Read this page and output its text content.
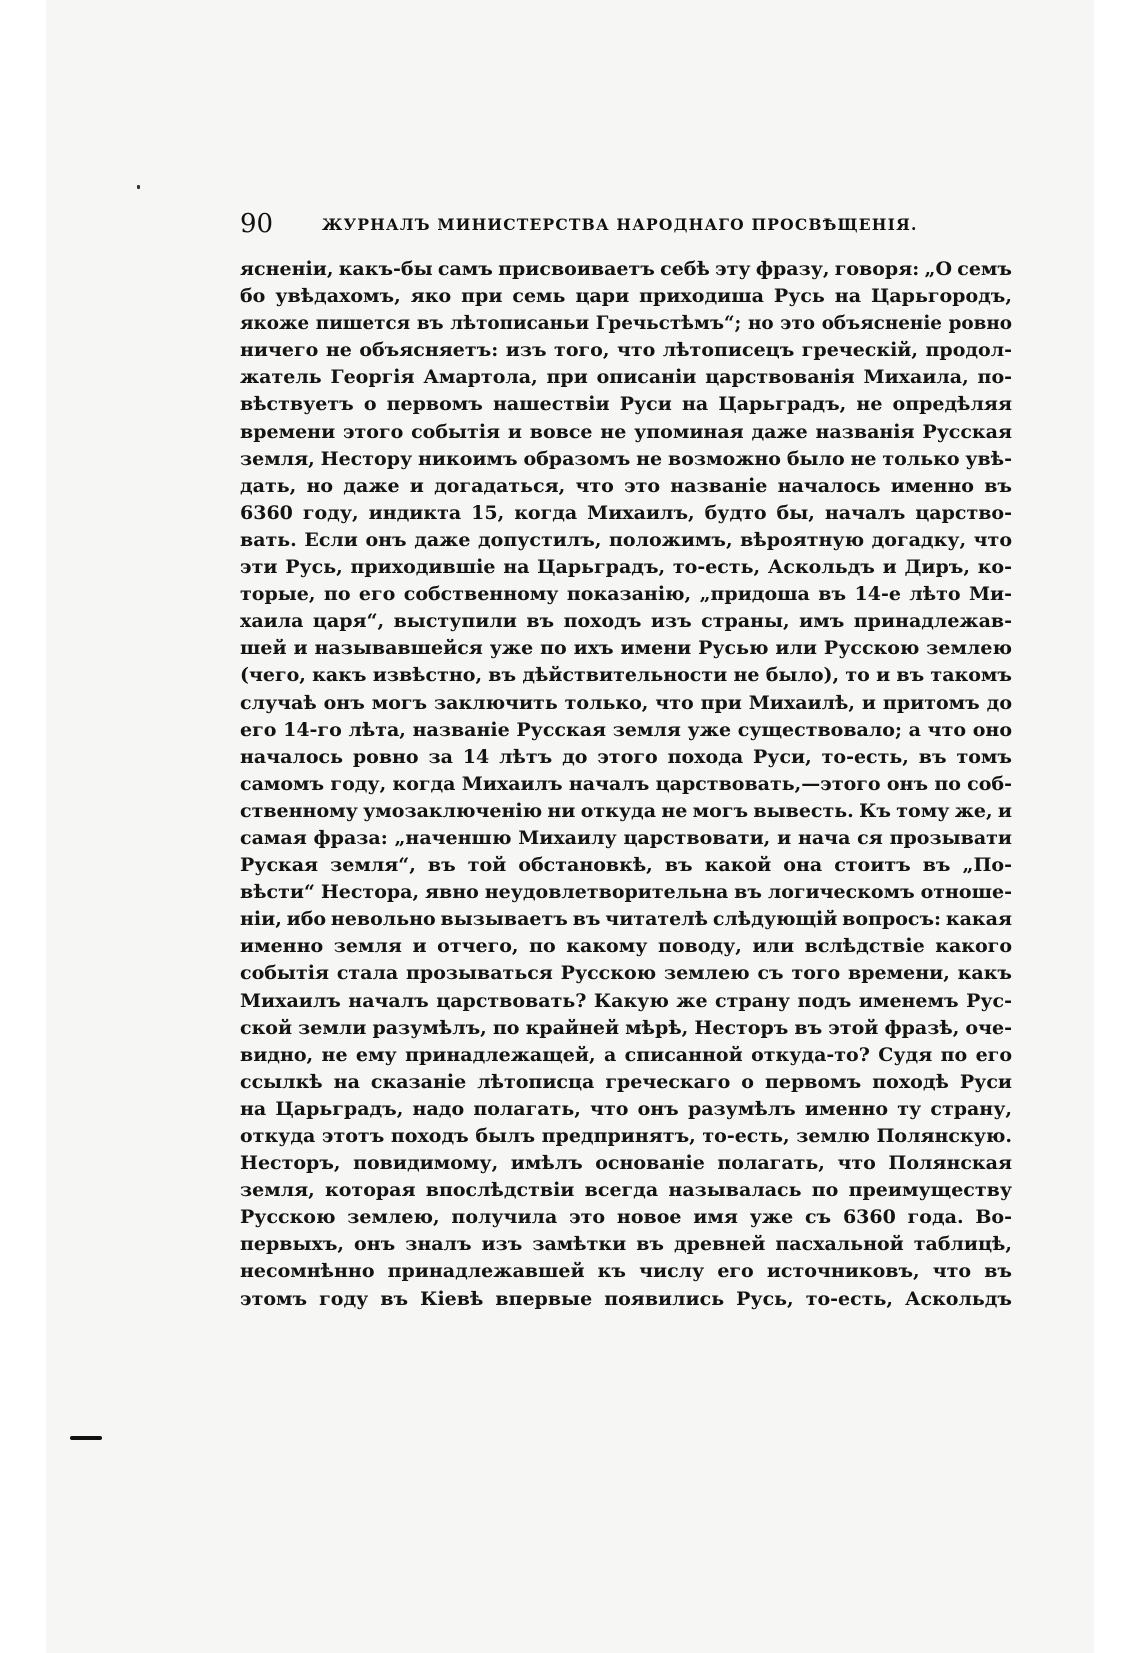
90	ЖУРНАЛЪ МИНИСТЕРСТВА НАРОДНАГО ПРОСВѢЩЕНІЯ.
ясненіи, какъ-бы самъ присвоиваетъ себѣ эту фразу, говоря: „О семъ
бо увѣдахомъ, яко при семь цари приходиша Русь на Царьгородъ,
якоже пишется въ лѣтописаньи Гречьстѣмъ“; но это объясненіе ровно
ничего не объясняетъ: изъ того, что лѣтописецъ греческій, продол-
жатель Георгія Амартола, при описаніи царствованія Михаила, по-
вѣствуетъ о первомъ нашествіи Руси на Царьградъ, не опредѣляя
времени этого событія и вовсе не упоминая даже названія Русская
земля, Нестору никоимъ образомъ не возможно было не только увѣ-
дать, но даже и догадаться, что это названіе началось именно въ
6360 году, индикта 15, когда Михаилъ, будто бы, началъ царство-
вать. Если онъ даже допустилъ, положимъ, вѣроятную догадку, что
эти Русь, приходившіе на Царьградъ, то-есть, Аскольдъ и Диръ, ко-
торые, по его собственному показанію, „придоша въ 14-е лѣто Ми-
хаила царя“, выступили въ походъ изъ страны, имъ принадлежав-
шей и называвшейся уже по ихъ имени Русью или Русскою землею
(чего, какъ извѣстно, въ дѣйствительности не было), то и въ такомъ
случаѣ онъ могъ заключить только, что при Михаилѣ, и притомъ до
его 14-го лѣта, названіе Русская земля уже существовало; а что оно
началось ровно за 14 лѣтъ до этого похода Руси, то-есть, въ томъ
самомъ году, когда Михаилъ началъ царствовать,—этого онъ по соб-
ственному умозаключенію ни откуда не могъ вывесть. Къ тому же, и
самая фраза: „наченшю Михаилу царствовати, и нача ся прозывати
Руская земля“, въ той обстановкѣ, въ какой она стоитъ въ „По-
вѣсти“ Нестора, явно неудовлетворительна въ логическомъ отноше-
ніи, ибо невольно вызываетъ въ читателѣ слѣдующій вопросъ: какая
именно земля и отчего, по какому поводу, или вслѣдствіе какого
событія стала прозываться Русскою землею съ того времени, какъ
Михаилъ началъ царствовать? Какую же страну подъ именемъ Рус-
ской земли разумѣлъ, по крайней мѣрѣ, Несторъ въ этой фразѣ, оче-
видно, не ему принадлежащей, а списанной откуда-то? Судя по его
ссылкѣ на сказаніе лѣтописца греческаго о первомъ походѣ Руси
на Царьградъ, надо полагать, что онъ разумѣлъ именно ту страну,
откуда этотъ походъ былъ предпринятъ, то-есть, землю Полянскую.
Несторъ, повидимому, имѣлъ основаніе полагать, что Полянская
земля, которая впослѣдствіи всегда называлась по преимуществу
Русскою землею, получила это новое имя уже съ 6360 года. Во-
первыхъ, онъ зналъ изъ замѣтки въ древней пасхальной таблицѣ,
несомнѣнно принадлежавшей къ числу его источниковъ, что въ
этомъ году въ Кіевѣ впервые появились Русь, то-есть, Аскольдъ
